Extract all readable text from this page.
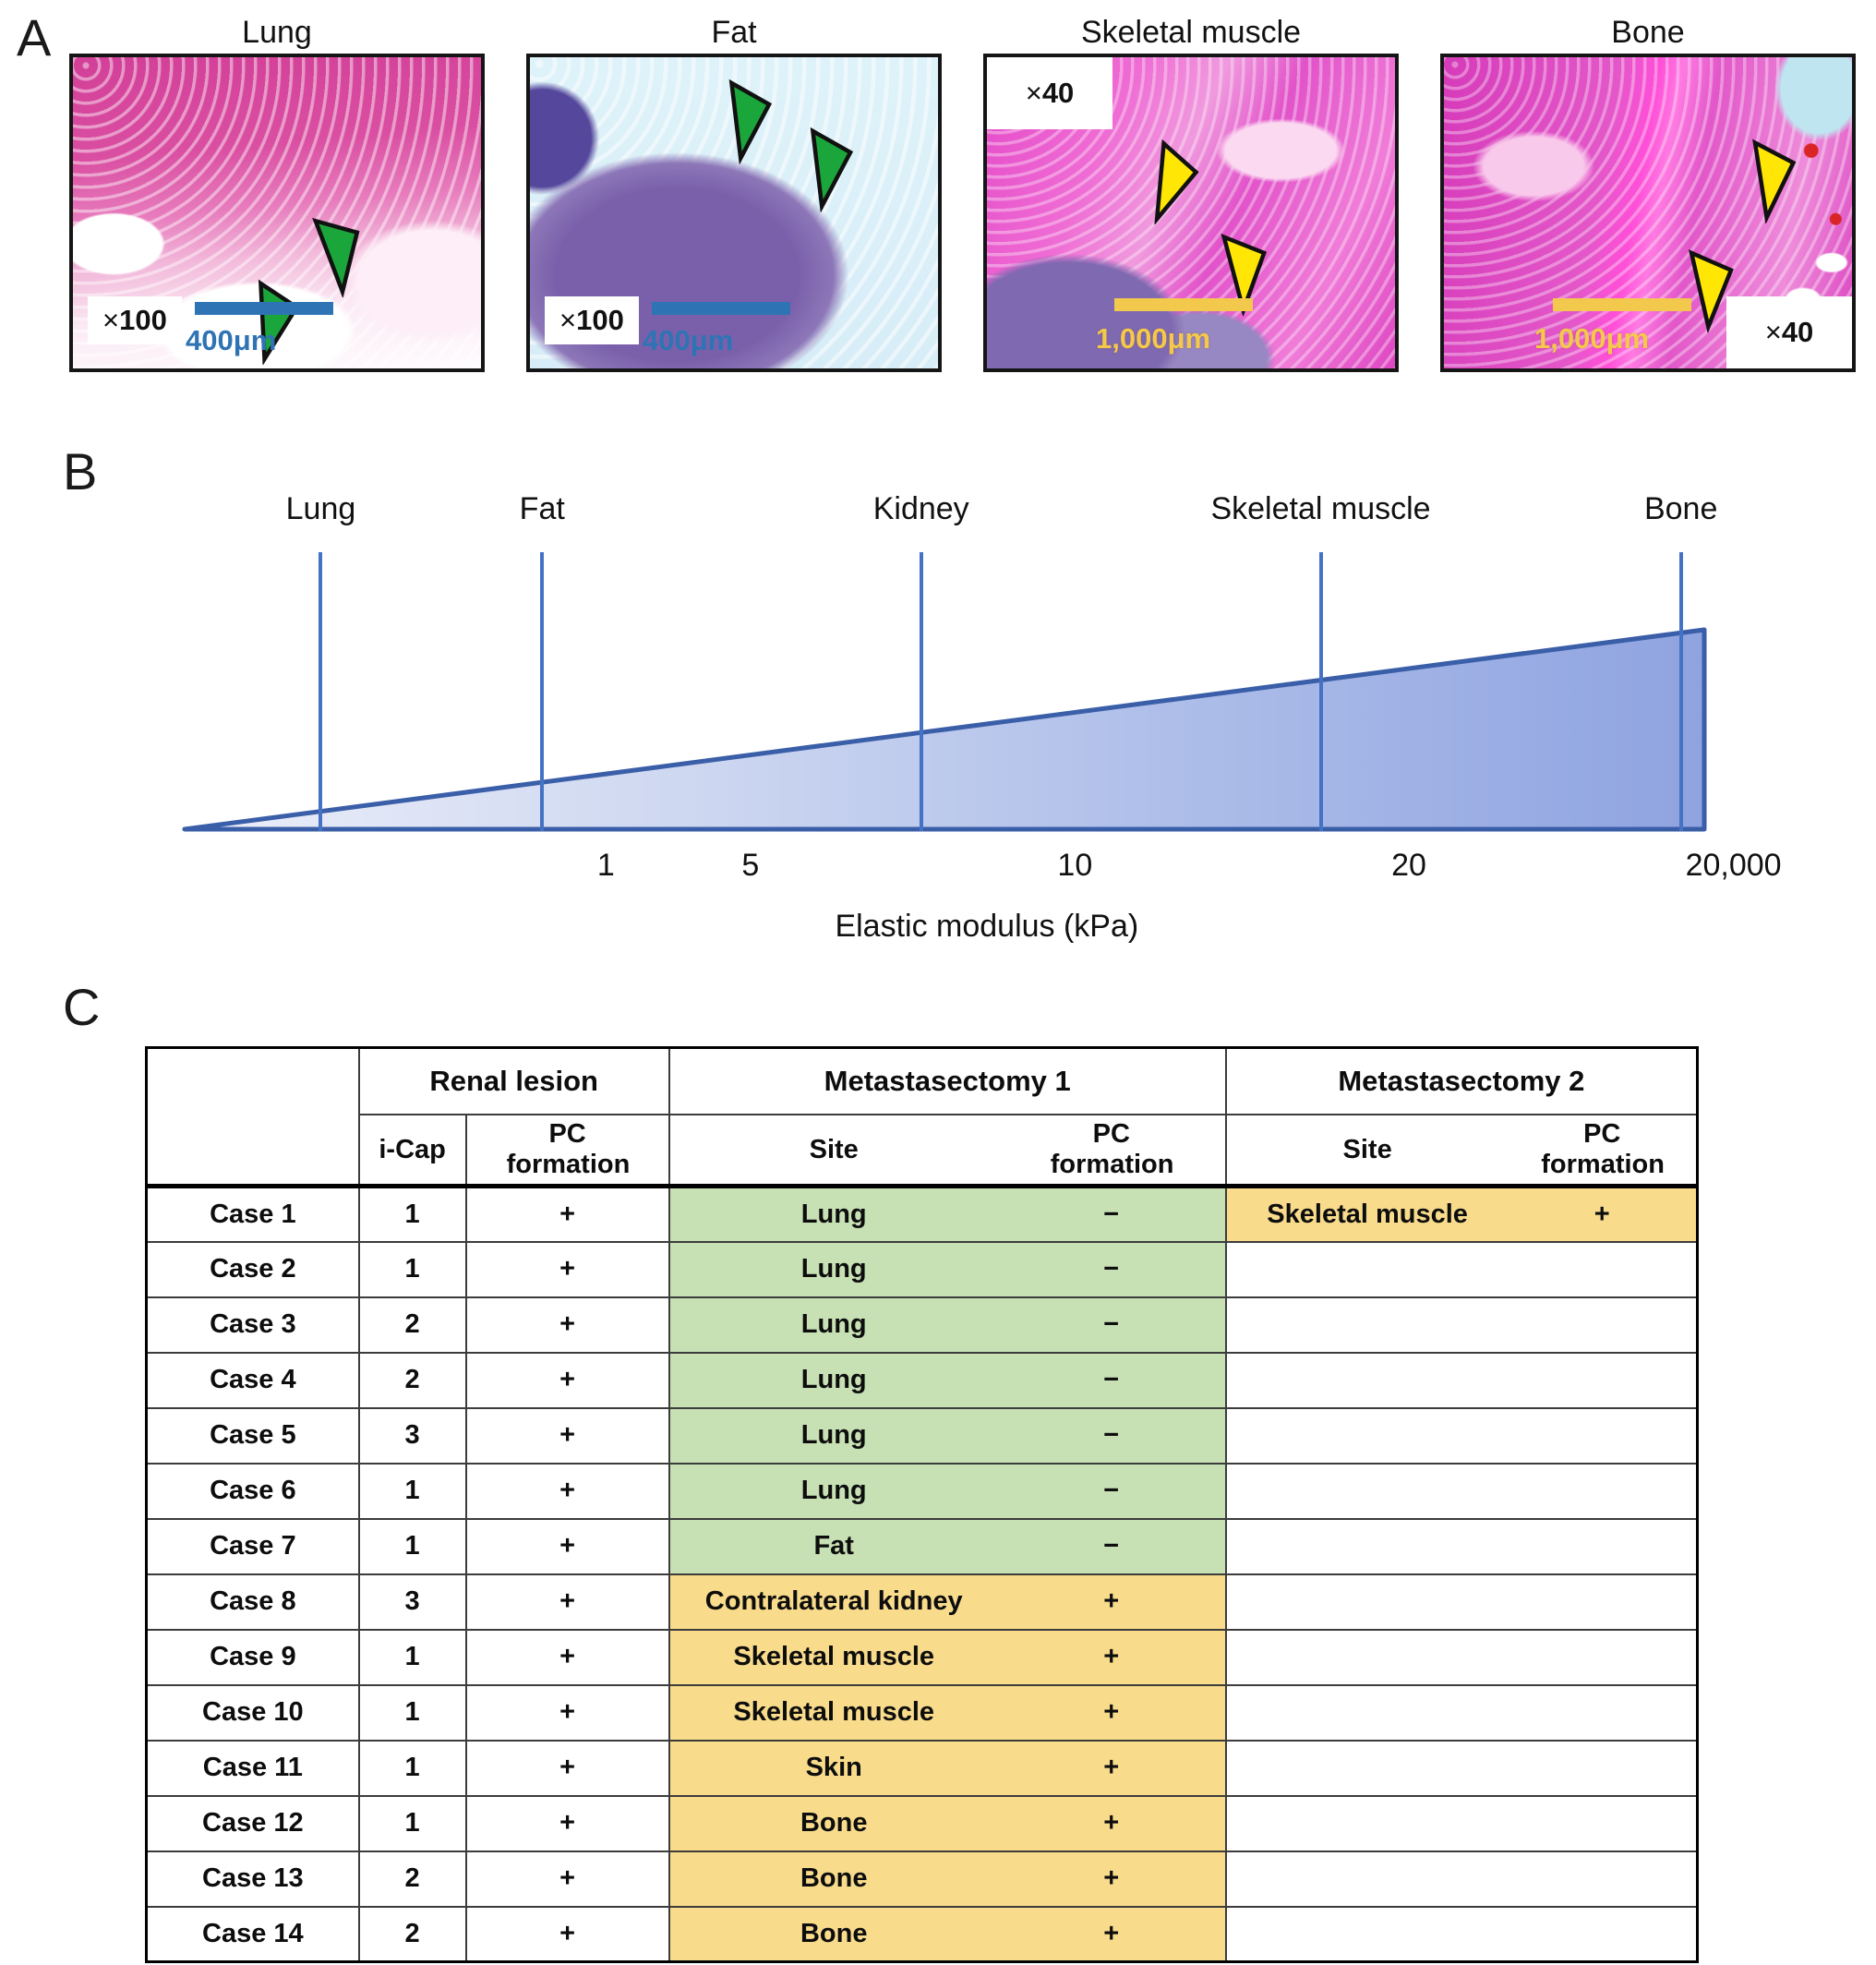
A	Lung
×100
400μm
Fat
×100
400μm
Skeletal muscle
× 40
1,000μm
Bone
1,000μm	× 40
B
Lung	Fat	Kidney	Skeletal muscle	Bone
1	5	10	20	20,000
Elastic modulus (kPa)
C
	Renal lesion		Metastasectomy 1		Metastasectomy 2	
	i-Cap	PC formation	Site	PC formation	Site	PC formation
Case 1	1	+	Lung	−	Skeletal muscle	+
Case 2	1	+	Lung	−		
Case 3	2	+	Lung	−		
Case 4	2	+	Lung	−		
Case 5	3	+	Lung	−		
Case 6	1	+	Lung	−		
Case 7	1	+	Fat	−		
Case 8	3	+	Contralateral kidney	+		
Case 9	1	+	Skeletal muscle	+		
Case 10	1	+	Skeletal muscle	+		
Case 11	1	+	Skin	+		
Case 12	1	+	Bone	+		
Case 13	2	+	Bone	+		
Case 14	2	+	Bone	+		
